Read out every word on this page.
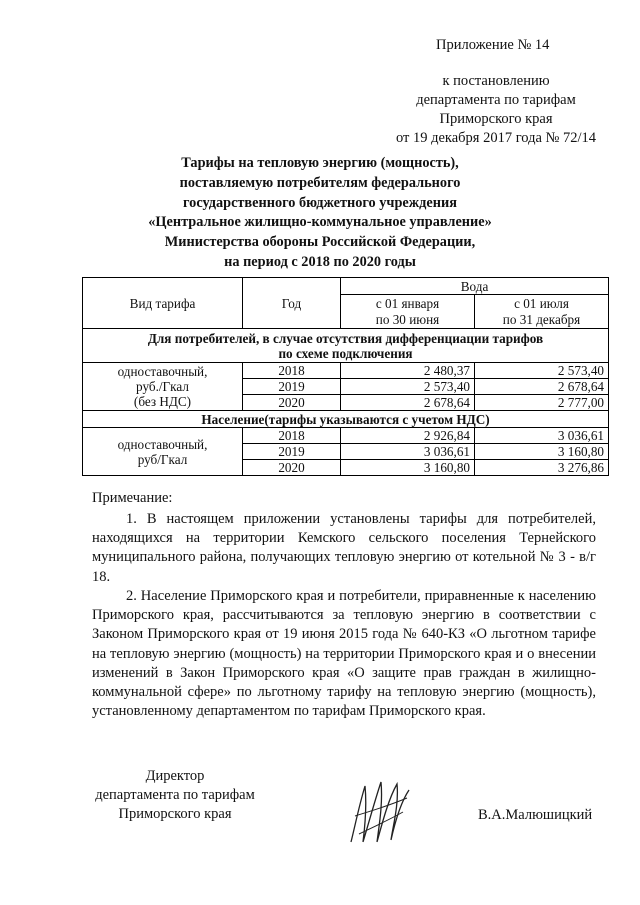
Приложение № 14
к постановлению
департамента по тарифам
Приморского края
от 19 декабря 2017 года № 72/14
Тарифы на тепловую энергию (мощность),
поставляемую потребителям федерального
государственного бюджетного учреждения
«Центральное жилищно-коммунальное управление»
Министерства обороны Российской Федерации,
на период с 2018 по 2020 годы
Вид тарифа	Год	Вода	
		с 01 января	с 01 июля
		по 30 июня	по 31 декабря

Для потребителей, в случае отсутствия дифференциации тарифов
по схеме подключения			

одноставочный,
руб./Гкал
(без НДС)	2018	2 480,37	2 573,40
	2019	2 573,40	2 678,64
	2020	2 678,64	2 777,00
Население(тарифы указываются с учетом НДС)			

одноставочный,
руб/Гкал	2018	2 926,84	3 036,61
	2019	3 036,61	3 160,80
	2020	3 160,80	3 276,86
Примечание:

1. В настоящем приложении установлены тарифы для потребителей, находящихся на территории Кемского сельского поселения Тернейского муниципального района, получающих тепловую энергию от котельной № 3 - в/г 18.

2. Население Приморского края и потребители, приравненные к населению Приморского края, рассчитываются за тепловую энергию в соответствии с Законом Приморского края от 19 июня 2015 года № 640-КЗ «О льготном тарифе на тепловую энергию (мощность) на территории Приморского края и о внесении изменений в Закон Приморского края «О защите прав граждан в жилищно-коммунальной сфере» по льготному тарифу на тепловую энергию (мощность), установленному департаментом по тарифам Приморского края.

Директор
департамента по тарифам
Приморского края	В.А.Малюшицкий
